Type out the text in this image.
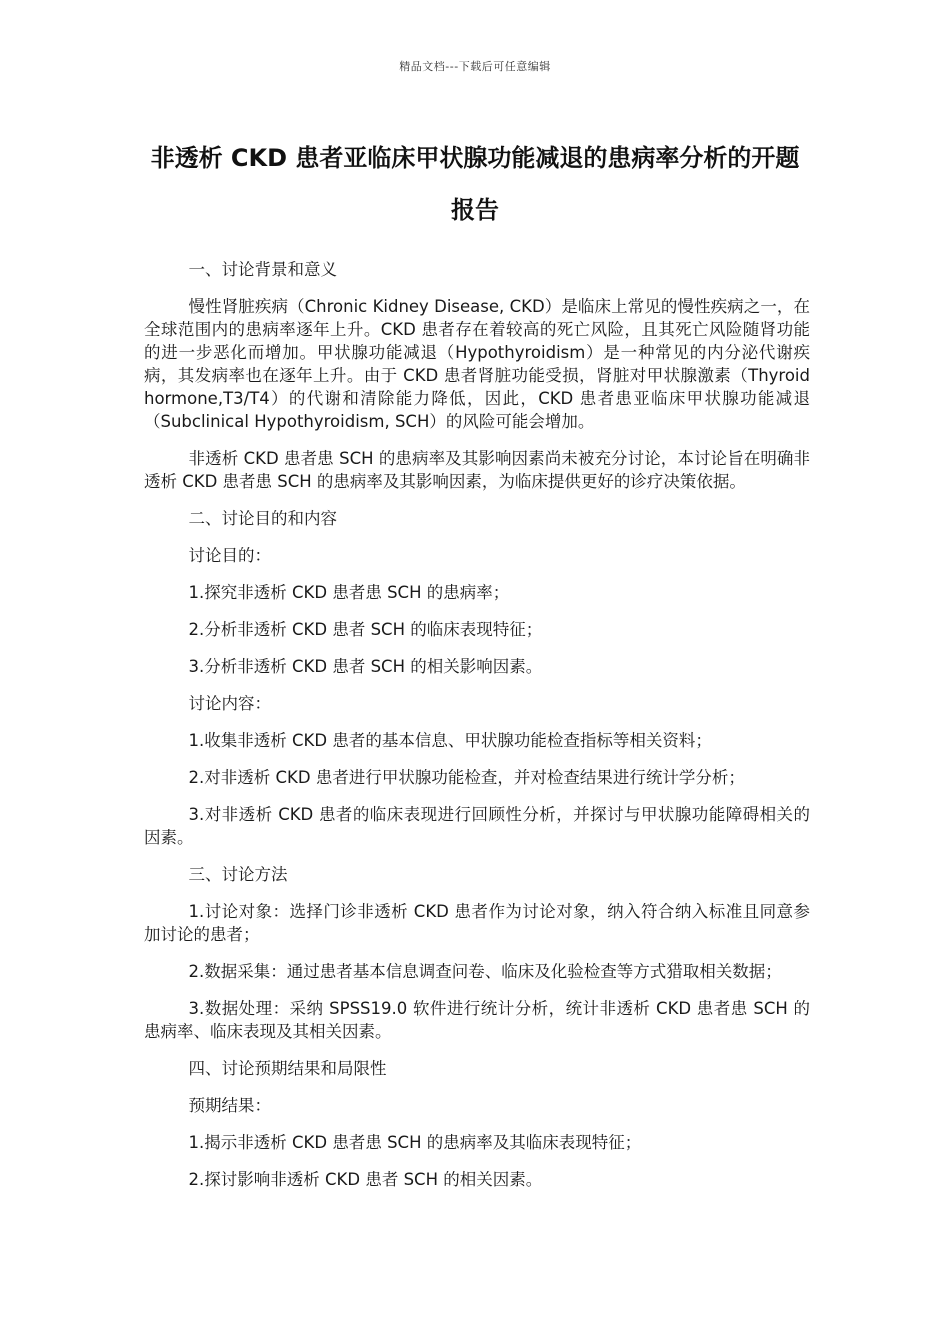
精品文档---下载后可任意编辑
非透析 CKD 患者亚临床甲状腺功能减退的患病率分析的开题报告

一、讨论背景和意义

慢性肾脏疾病（Chronic Kidney Disease, CKD）是临床上常见的慢性疾病之一，在全球范围内的患病率逐年上升。CKD 患者存在着较高的死亡风险，且其死亡风险随肾功能的进一步恶化而增加。甲状腺功能减退（Hypothyroidism）是一种常见的内分泌代谢疾病，其发病率也在逐年上升。由于 CKD 患者肾脏功能受损，肾脏对甲状腺激素（Thyroid hormone,T3/T4）的代谢和清除能力降低，因此，CKD 患者患亚临床甲状腺功能减退（Subclinical Hypothyroidism, SCH）的风险可能会增加。

非透析 CKD 患者患 SCH 的患病率及其影响因素尚未被充分讨论，本讨论旨在明确非透析 CKD 患者患 SCH 的患病率及其影响因素，为临床提供更好的诊疗决策依据。

二、讨论目的和内容

讨论目的：

1.探究非透析 CKD 患者患 SCH 的患病率；

2.分析非透析 CKD 患者 SCH 的临床表现特征；

3.分析非透析 CKD 患者 SCH 的相关影响因素。

讨论内容：

1.收集非透析 CKD 患者的基本信息、甲状腺功能检查指标等相关资料；

2.对非透析 CKD 患者进行甲状腺功能检查，并对检查结果进行统计学分析；

3.对非透析 CKD 患者的临床表现进行回顾性分析，并探讨与甲状腺功能障碍相关的因素。

三、讨论方法

1.讨论对象：选择门诊非透析 CKD 患者作为讨论对象，纳入符合纳入标准且同意参加讨论的患者；

2.数据采集：通过患者基本信息调查问卷、临床及化验检查等方式猎取相关数据；

3.数据处理：采纳 SPSS19.0 软件进行统计分析，统计非透析 CKD 患者患 SCH 的患病率、临床表现及其相关因素。

四、讨论预期结果和局限性

预期结果：

1.揭示非透析 CKD 患者患 SCH 的患病率及其临床表现特征；

2.探讨影响非透析 CKD 患者 SCH 的相关因素。
